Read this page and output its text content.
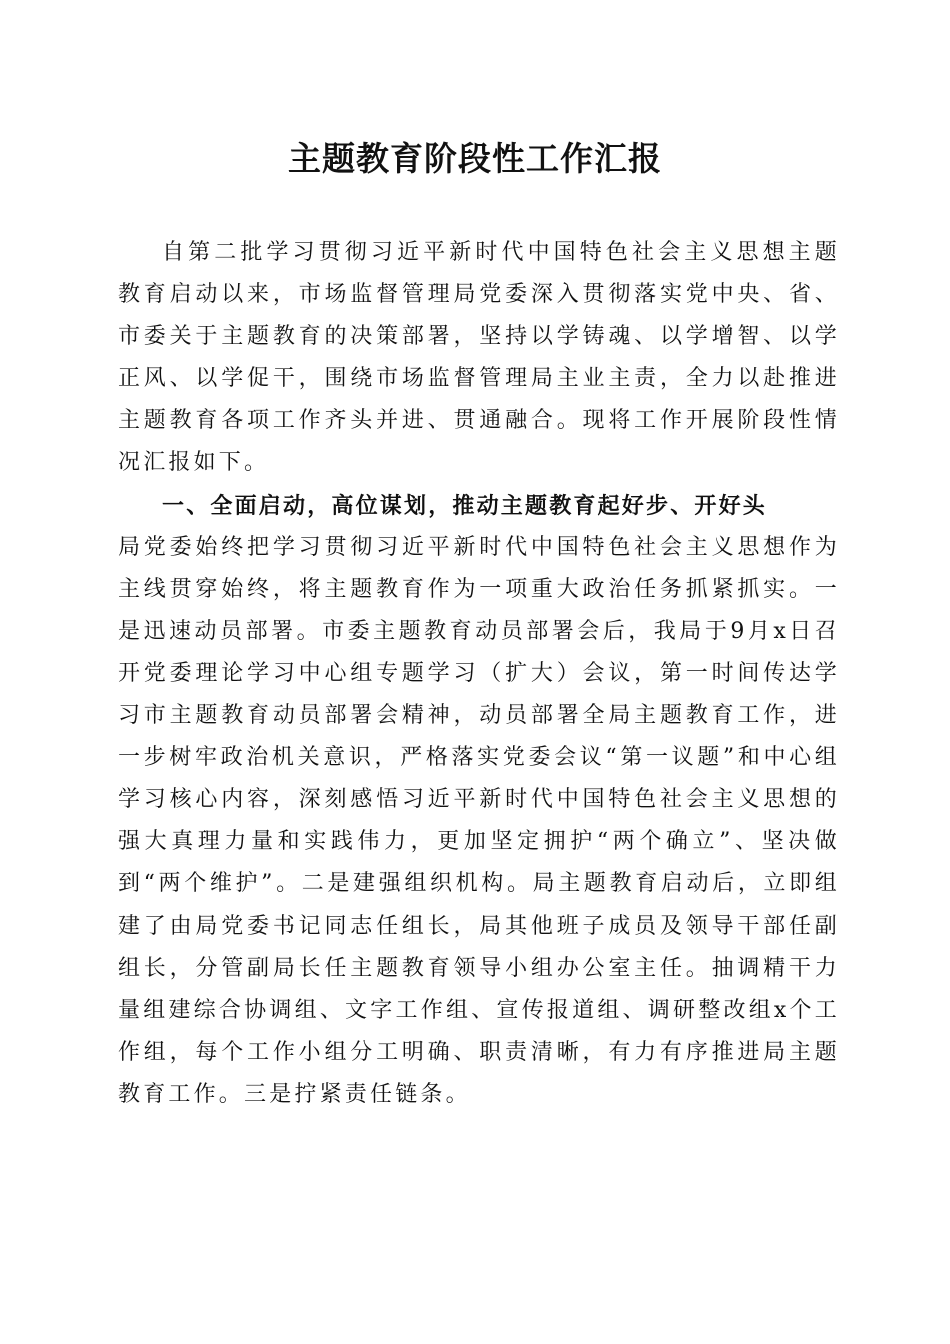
主题教育阶段性工作汇报

自第二批学习贯彻习近平新时代中国特色社会主义思想主题教育启动以来，市场监督管理局党委深入贯彻落实党中央、省、市委关于主题教育的决策部署，坚持以学铸魂、以学增智、以学正风、以学促干，围绕市场监督管理局主业主责，全力以赴推进主题教育各项工作齐头并进、贯通融合。现将工作开展阶段性情况汇报如下。

一、全面启动，高位谋划，推动主题教育起好步、开好头

局党委始终把学习贯彻习近平新时代中国特色社会主义思想作为主线贯穿始终，将主题教育作为一项重大政治任务抓紧抓实。一是迅速动员部署。市委主题教育动员部署会后，我局于9月x日召开党委理论学习中心组专题学习（扩大）会议，第一时间传达学习市主题教育动员部署会精神，动员部署全局主题教育工作，进一步树牢政治机关意识，严格落实党委会议“第一议题”和中心组学习核心内容，深刻感悟习近平新时代中国特色社会主义思想的强大真理力量和实践伟力，更加坚定拥护“两个确立”、坚决做到“两个维护”。二是建强组织机构。局主题教育启动后，立即组建了由局党委书记同志任组长，局其他班子成员及领导干部任副组长，分管副局长任主题教育领导小组办公室主任。抽调精干力量组建综合协调组、文字工作组、宣传报道组、调研整改组x个工作组，每个工作小组分工明确、职责清晰，有力有序推进局主题教育工作。三是拧紧责任链条。
